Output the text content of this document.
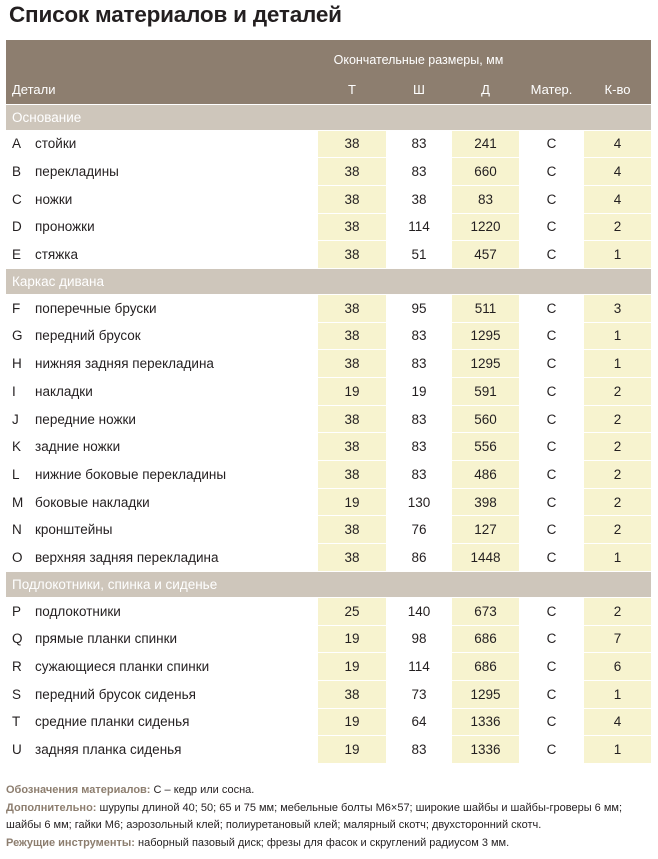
Список материалов и деталей
		Окончательные размеры, мм				
Детали		Т	Ш	Д	Матер.	К-во
Основание						
A	стойки	38	83	241	С	4
B	перекладины	38	83	660	С	4
C	ножки	38	38	83	С	4
D	проножки	38	114	1220	С	2
E	стяжка	38	51	457	С	1
Каркас дивана						
F	поперечные бруски	38	95	511	С	3
G	передний брусок	38	83	1295	С	1
H	нижняя задняя перекладина	38	83	1295	С	1
I	накладки	19	19	591	С	2
J	передние ножки	38	83	560	С	2
K	задние ножки	38	83	556	С	2
L	нижние боковые перекладины	38	83	486	С	2
M	боковые накладки	19	130	398	С	2
N	кронштейны	38	76	127	С	2
O	верхняя задняя перекладина	38	86	1448	С	1
Подлокотники, спинка и сиденье						
P	подлокотники	25	140	673	С	2
Q	прямые планки спинки	19	98	686	С	7
R	сужающиеся планки спинки	19	114	686	С	6
S	передний брусок сиденья	38	73	1295	С	1
T	средние планки сиденья	19	64	1336	С	4
U	задняя планка сиденья	19	83	1336	С	1

Обозначения материалов: С – кедр или сосна.

Дополнительно: шурупы длиной 40; 50; 65 и 75 мм; мебельные болты М6×57; широкие шайбы и шайбы-гроверы 6 мм;

шайбы 6 мм; гайки М6; аэрозольный клей; полиуретановый клей; малярный скотч; двухсторонний скотч.

Режущие инструменты: наборный пазовый диск; фрезы для фасок и скруглений радиусом 3 мм.
